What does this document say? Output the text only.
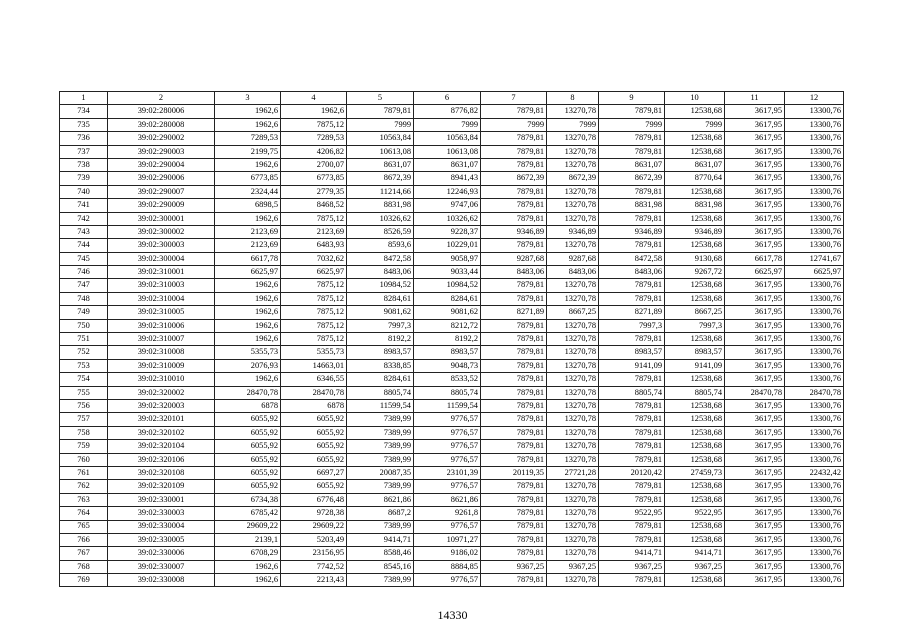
1	2	3	4	5	6	7	8	9	10	11	12
734	39:02:280006	1962,6	1962,6	7879,81	8776,82	7879,81	13270,78	7879,81	12538,68	3617,95	13300,76
735	39:02:280008	1962,6	7875,12	7999	7999	7999	7999	7999	7999	3617,95	13300,76
736	39:02:290002	7289,53	7289,53	10563,84	10563,84	7879,81	13270,78	7879,81	12538,68	3617,95	13300,76
737	39:02:290003	2199,75	4206,82	10613,08	10613,08	7879,81	13270,78	7879,81	12538,68	3617,95	13300,76
738	39:02:290004	1962,6	2700,07	8631,07	8631,07	7879,81	13270,78	8631,07	8631,07	3617,95	13300,76
739	39:02:290006	6773,85	6773,85	8672,39	8941,43	8672,39	8672,39	8672,39	8770,64	3617,95	13300,76
740	39:02:290007	2324,44	2779,35	11214,66	12246,93	7879,81	13270,78	7879,81	12538,68	3617,95	13300,76
741	39:02:290009	6898,5	8468,52	8831,98	9747,06	7879,81	13270,78	8831,98	8831,98	3617,95	13300,76
742	39:02:300001	1962,6	7875,12	10326,62	10326,62	7879,81	13270,78	7879,81	12538,68	3617,95	13300,76
743	39:02:300002	2123,69	2123,69	8526,59	9228,37	9346,89	9346,89	9346,89	9346,89	3617,95	13300,76
744	39:02:300003	2123,69	6483,93	8593,6	10229,01	7879,81	13270,78	7879,81	12538,68	3617,95	13300,76
745	39:02:300004	6617,78	7032,62	8472,58	9058,97	9287,68	9287,68	8472,58	9130,68	6617,78	12741,67
746	39:02:310001	6625,97	6625,97	8483,06	9033,44	8483,06	8483,06	8483,06	9267,72	6625,97	6625,97
747	39:02:310003	1962,6	7875,12	10984,52	10984,52	7879,81	13270,78	7879,81	12538,68	3617,95	13300,76
748	39:02:310004	1962,6	7875,12	8284,61	8284,61	7879,81	13270,78	7879,81	12538,68	3617,95	13300,76
749	39:02:310005	1962,6	7875,12	9081,62	9081,62	8271,89	8667,25	8271,89	8667,25	3617,95	13300,76
750	39:02:310006	1962,6	7875,12	7997,3	8212,72	7879,81	13270,78	7997,3	7997,3	3617,95	13300,76
751	39:02:310007	1962,6	7875,12	8192,2	8192,2	7879,81	13270,78	7879,81	12538,68	3617,95	13300,76
752	39:02:310008	5355,73	5355,73	8983,57	8983,57	7879,81	13270,78	8983,57	8983,57	3617,95	13300,76
753	39:02:310009	2076,93	14663,01	8338,85	9048,73	7879,81	13270,78	9141,09	9141,09	3617,95	13300,76
754	39:02:310010	1962,6	6346,55	8284,61	8533,52	7879,81	13270,78	7879,81	12538,68	3617,95	13300,76
755	39:02:320002	28470,78	28470,78	8805,74	8805,74	7879,81	13270,78	8805,74	8805,74	28470,78	28470,78
756	39:02:320003	6878	6878	11599,54	11599,54	7879,81	13270,78	7879,81	12538,68	3617,95	13300,76
757	39:02:320101	6055,92	6055,92	7389,99	9776,57	7879,81	13270,78	7879,81	12538,68	3617,95	13300,76
758	39:02:320102	6055,92	6055,92	7389,99	9776,57	7879,81	13270,78	7879,81	12538,68	3617,95	13300,76
759	39:02:320104	6055,92	6055,92	7389,99	9776,57	7879,81	13270,78	7879,81	12538,68	3617,95	13300,76
760	39:02:320106	6055,92	6055,92	7389,99	9776,57	7879,81	13270,78	7879,81	12538,68	3617,95	13300,76
761	39:02:320108	6055,92	6697,27	20087,35	23101,39	20119,35	27721,28	20120,42	27459,73	3617,95	22432,42
762	39:02:320109	6055,92	6055,92	7389,99	9776,57	7879,81	13270,78	7879,81	12538,68	3617,95	13300,76
763	39:02:330001	6734,38	6776,48	8621,86	8621,86	7879,81	13270,78	7879,81	12538,68	3617,95	13300,76
764	39:02:330003	6785,42	9728,38	8687,2	9261,8	7879,81	13270,78	9522,95	9522,95	3617,95	13300,76
765	39:02:330004	29609,22	29609,22	7389,99	9776,57	7879,81	13270,78	7879,81	12538,68	3617,95	13300,76
766	39:02:330005	2139,1	5203,49	9414,71	10971,27	7879,81	13270,78	7879,81	12538,68	3617,95	13300,76
767	39:02:330006	6708,29	23156,95	8588,46	9186,02	7879,81	13270,78	9414,71	9414,71	3617,95	13300,76
768	39:02:330007	1962,6	7742,52	8545,16	8884,85	9367,25	9367,25	9367,25	9367,25	3617,95	13300,76
769	39:02:330008	1962,6	2213,43	7389,99	9776,57	7879,81	13270,78	7879,81	12538,68	3617,95	13300,76
14330
